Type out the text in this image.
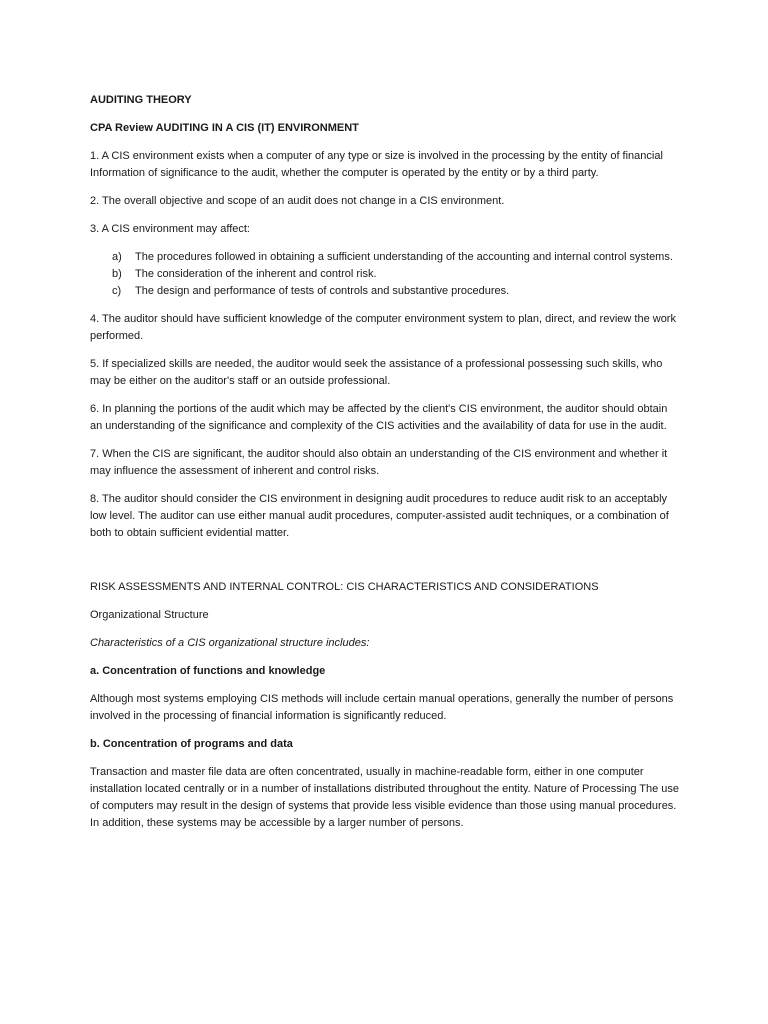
AUDITING THEORY

CPA Review AUDITING IN A CIS (IT) ENVIRONMENT

1. A CIS environment exists when a computer of any type or size is involved in the processing by the entity of financial Information of significance to the audit, whether the computer is operated by the entity or by a third party.

2. The overall objective and scope of an audit does not change in a CIS environment.

3. A CIS environment may affect:

a)	The procedures followed in obtaining a sufficient understanding of the accounting and internal control systems.
b)	The consideration of the inherent and control risk.
c)	The design and performance of tests of controls and substantive procedures.

4. The auditor should have sufficient knowledge of the computer environment system to plan, direct, and review the work performed.

5. If specialized skills are needed, the auditor would seek the assistance of a professional possessing such skills, who may be either on the auditor's staff or an outside professional.

6. In planning the portions of the audit which may be affected by the client's CIS environment, the auditor should obtain an understanding of the significance and complexity of the CIS activities and the availability of data for use in the audit.

7. When the CIS are significant, the auditor should also obtain an understanding of the CIS environment and whether it may influence the assessment of inherent and control risks.

8. The auditor should consider the CIS environment in designing audit procedures to reduce audit risk to an acceptably low level. The auditor can use either manual audit procedures, computer-assisted audit techniques, or a combination of both to obtain sufficient evidential matter.

RISK ASSESSMENTS AND INTERNAL CONTROL: CIS CHARACTERISTICS AND CONSIDERATIONS

Organizational Structure

Characteristics of a CIS organizational structure includes:

a. Concentration of functions and knowledge

Although most systems employing CIS methods will include certain manual operations, generally the number of persons involved in the processing of financial information is significantly reduced.

b. Concentration of programs and data

Transaction and master file data are often concentrated, usually in machine-readable form, either in one computer installation located centrally or in a number of installations distributed throughout the entity. Nature of Processing The use of computers may result in the design of systems that provide less visible evidence than those using manual procedures. In addition, these systems may be accessible by a larger number of persons.
